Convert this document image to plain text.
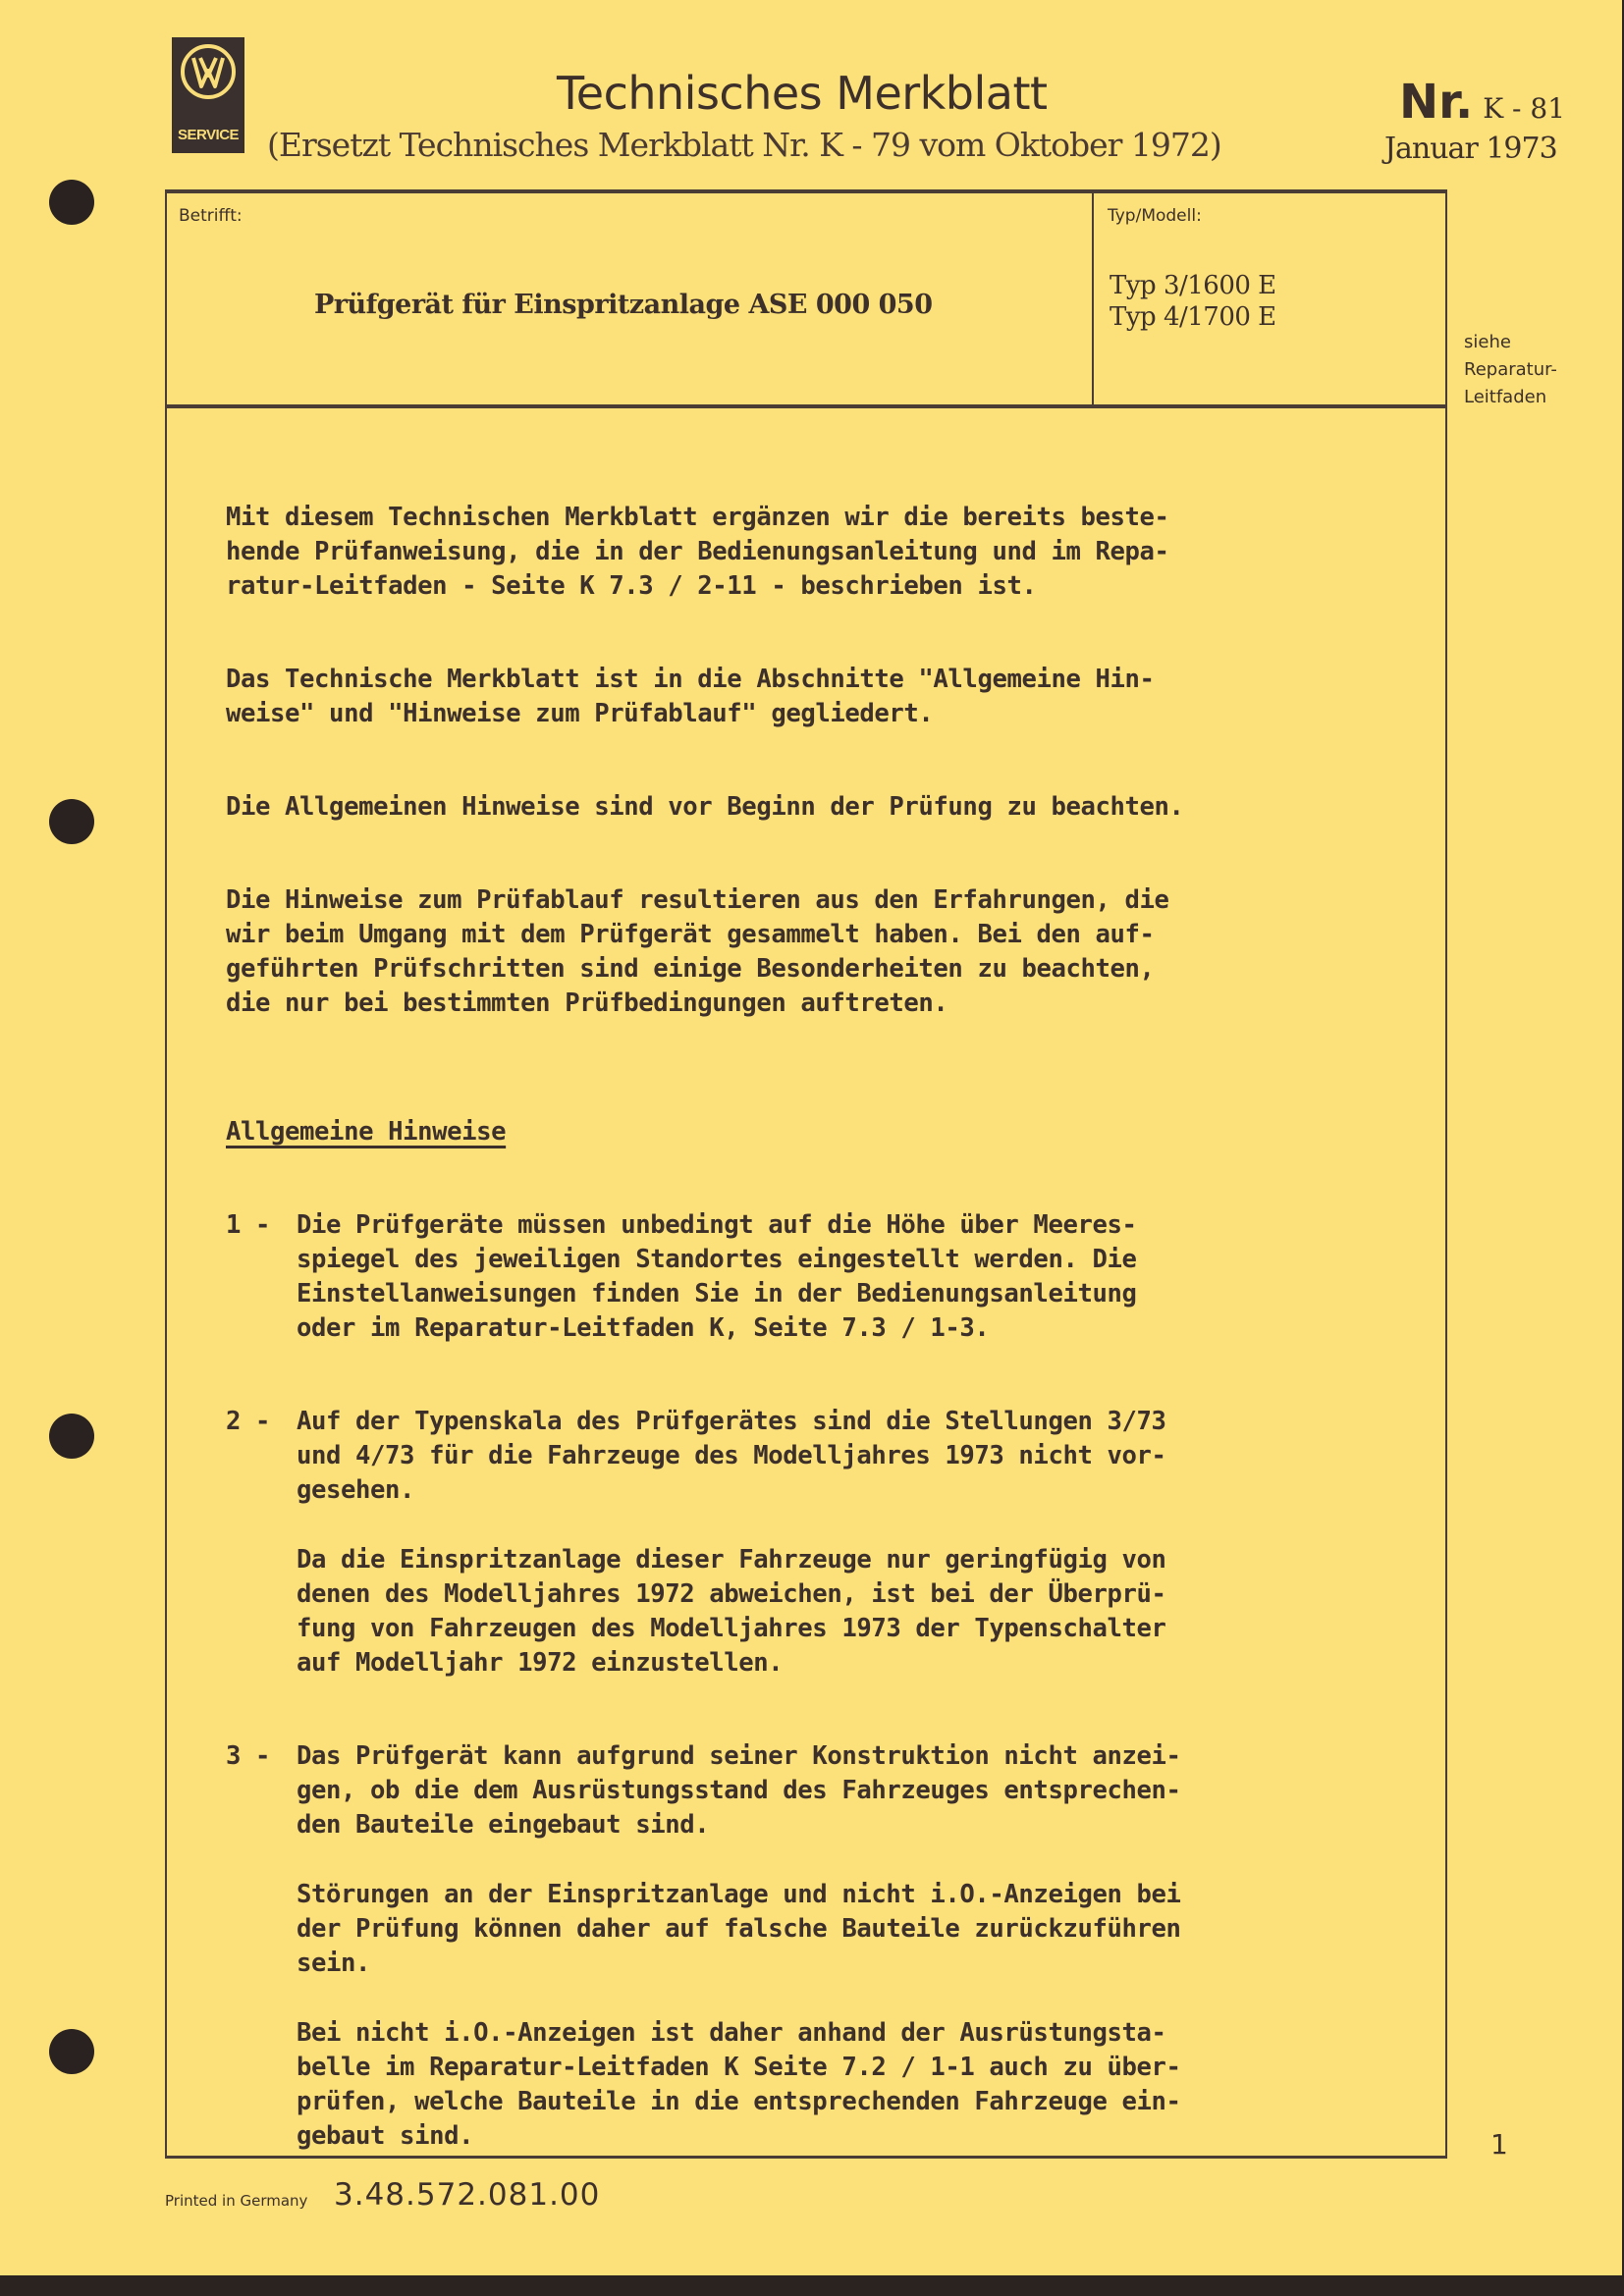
SERVICE
Technisches Merkblatt
(Ersetzt Technisches Merkblatt Nr. K - 79 vom Oktober 1972)
Nr. K - 81
Januar 1973
Betrifft:
Prüfgerät für Einspritzanlage ASE 000 050
Typ/Modell:
Typ 3/1600 E
Typ 4/1700 E
siehe
Reparatur-
Leitfaden

Mit diesem Technischen Merkblatt ergänzen wir die bereits beste-
hende Prüfanweisung, die in der Bedienungsanleitung und im Repa-
ratur-Leitfaden - Seite K 7.3 / 2-11 - beschrieben ist.

Das Technische Merkblatt ist in die Abschnitte "Allgemeine Hin-
weise" und "Hinweise zum Prüfablauf" gegliedert.

Die Allgemeinen Hinweise sind vor Beginn der Prüfung zu beachten.

Die Hinweise zum Prüfablauf resultieren aus den Erfahrungen, die
wir beim Umgang mit dem Prüfgerät gesammelt haben. Bei den auf-
geführten Prüfschritten sind einige Besonderheiten zu beachten,
die nur bei bestimmten Prüfbedingungen auftreten.

Allgemeine Hinweise

1 - Die Prüfgeräte müssen unbedingt auf die Höhe über Meeres-
spiegel des jeweiligen Standortes eingestellt werden. Die
Einstellanweisungen finden Sie in der Bedienungsanleitung
oder im Reparatur-Leitfaden K, Seite 7.3 / 1-3.

2 - Auf der Typenskala des Prüfgerätes sind die Stellungen 3/73
und 4/73 für die Fahrzeuge des Modelljahres 1973 nicht vor-
gesehen.

Da die Einspritzanlage dieser Fahrzeuge nur geringfügig von
denen des Modelljahres 1972 abweichen, ist bei der Überprü-
fung von Fahrzeugen des Modelljahres 1973 der Typenschalter
auf Modelljahr 1972 einzustellen.

3 - Das Prüfgerät kann aufgrund seiner Konstruktion nicht anzei-
gen, ob die dem Ausrüstungsstand des Fahrzeuges entsprechen-
den Bauteile eingebaut sind.

Störungen an der Einspritzanlage und nicht i.O.-Anzeigen bei
der Prüfung können daher auf falsche Bauteile zurückzuführen
sein.

Bei nicht i.O.-Anzeigen ist daher anhand der Ausrüstungsta-
belle im Reparatur-Leitfaden K Seite 7.2 / 1-1 auch zu über-
prüfen, welche Bauteile in die entsprechenden Fahrzeuge ein-
gebaut sind.	1
Printed in Germany 3.48.572.081.00
